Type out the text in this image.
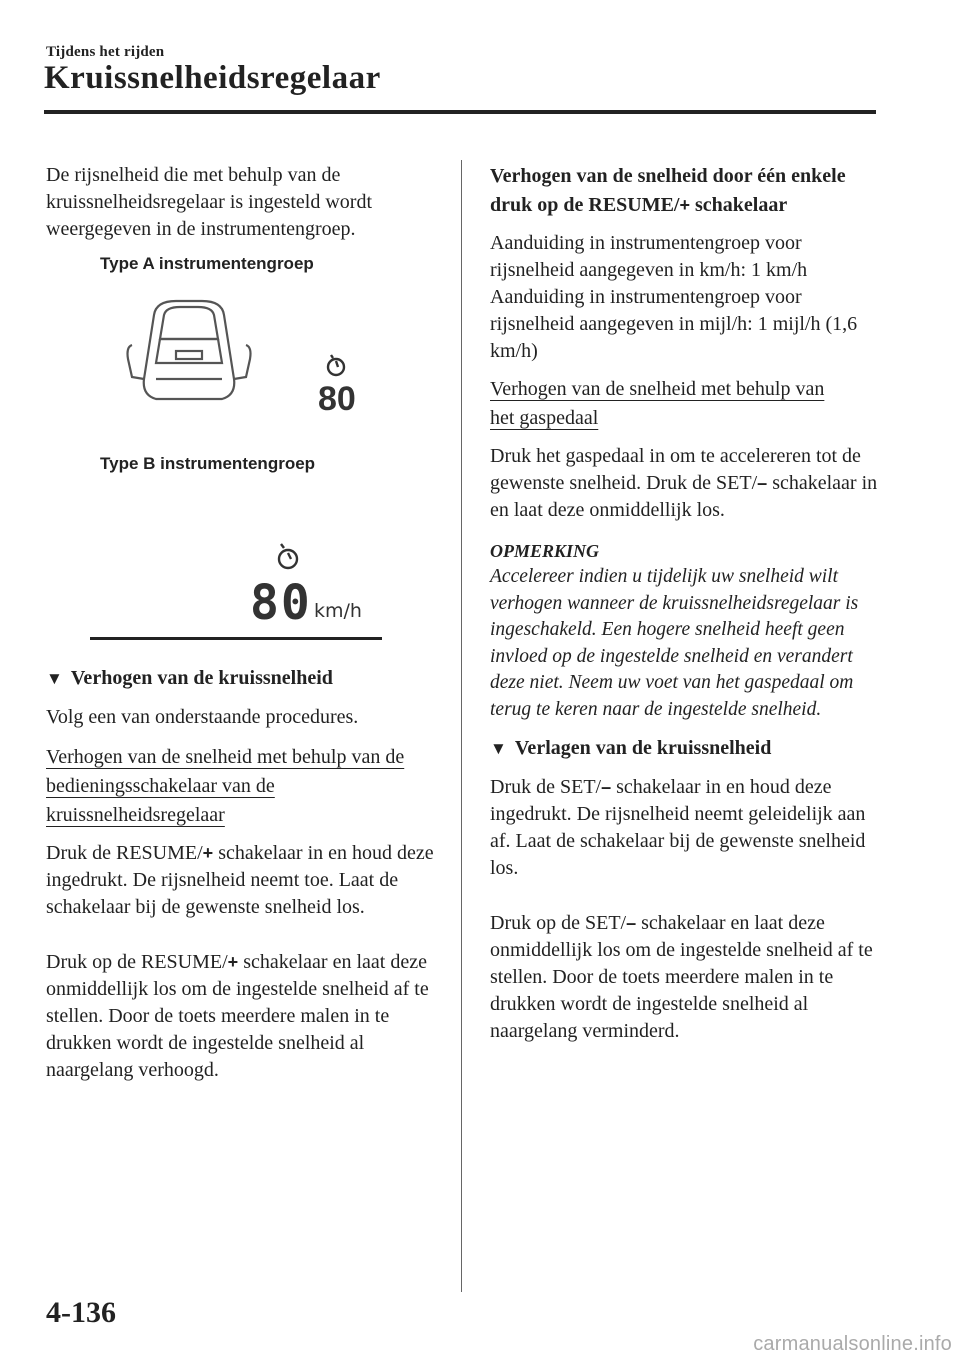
Tijdens het rijden
Kruissnelheidsregelaar

De rijsnelheid die met behulp van de kruissnelheidsregelaar is ingesteld wordt weergegeven in de instrumentengroep.

Type A instrumentengroep
80
Type B instrumentengroep
80 km/h

▼ Verhogen van de kruissnelheid

Volg een van onderstaande procedures.

Verhogen van de snelheid met behulp van de bedieningsschakelaar van de kruissnelheidsregelaar

Druk de RESUME/+ schakelaar in en houd deze ingedrukt. De rijsnelheid neemt toe. Laat de schakelaar bij de gewenste snelheid los.

Druk op de RESUME/+ schakelaar en laat deze onmiddellijk los om de ingestelde snelheid af te stellen. Door de toets meerdere malen in te drukken wordt de ingestelde snelheid al naargelang verhoogd.

Verhogen van de snelheid door één enkele druk op de RESUME/+ schakelaar

Aanduiding in instrumentengroep voor rijsnelheid aangegeven in km/h: 1 km/h

Aanduiding in instrumentengroep voor rijsnelheid aangegeven in mijl/h: 1 mijl/h (1,6 km/h)

Verhogen van de snelheid met behulp van het gaspedaal

Druk het gaspedaal in om te accelereren tot de gewenste snelheid. Druk de SET/– schakelaar in en laat deze onmiddellijk los.

OPMERKING

Accelereer indien u tijdelijk uw snelheid wilt verhogen wanneer de kruissnelheidsregelaar is ingeschakeld. Een hogere snelheid heeft geen invloed op de ingestelde snelheid en verandert deze niet. Neem uw voet van het gaspedaal om terug te keren naar de ingestelde snelheid.

▼ Verlagen van de kruissnelheid

Druk de SET/– schakelaar in en houd deze ingedrukt. De rijsnelheid neemt geleidelijk aan af. Laat de schakelaar bij de gewenste snelheid los.

Druk op de SET/– schakelaar en laat deze onmiddellijk los om de ingestelde snelheid af te stellen. Door de toets meerdere malen in te drukken wordt de ingestelde snelheid al naargelang verminderd.

4-136
carmanualsonline.info
